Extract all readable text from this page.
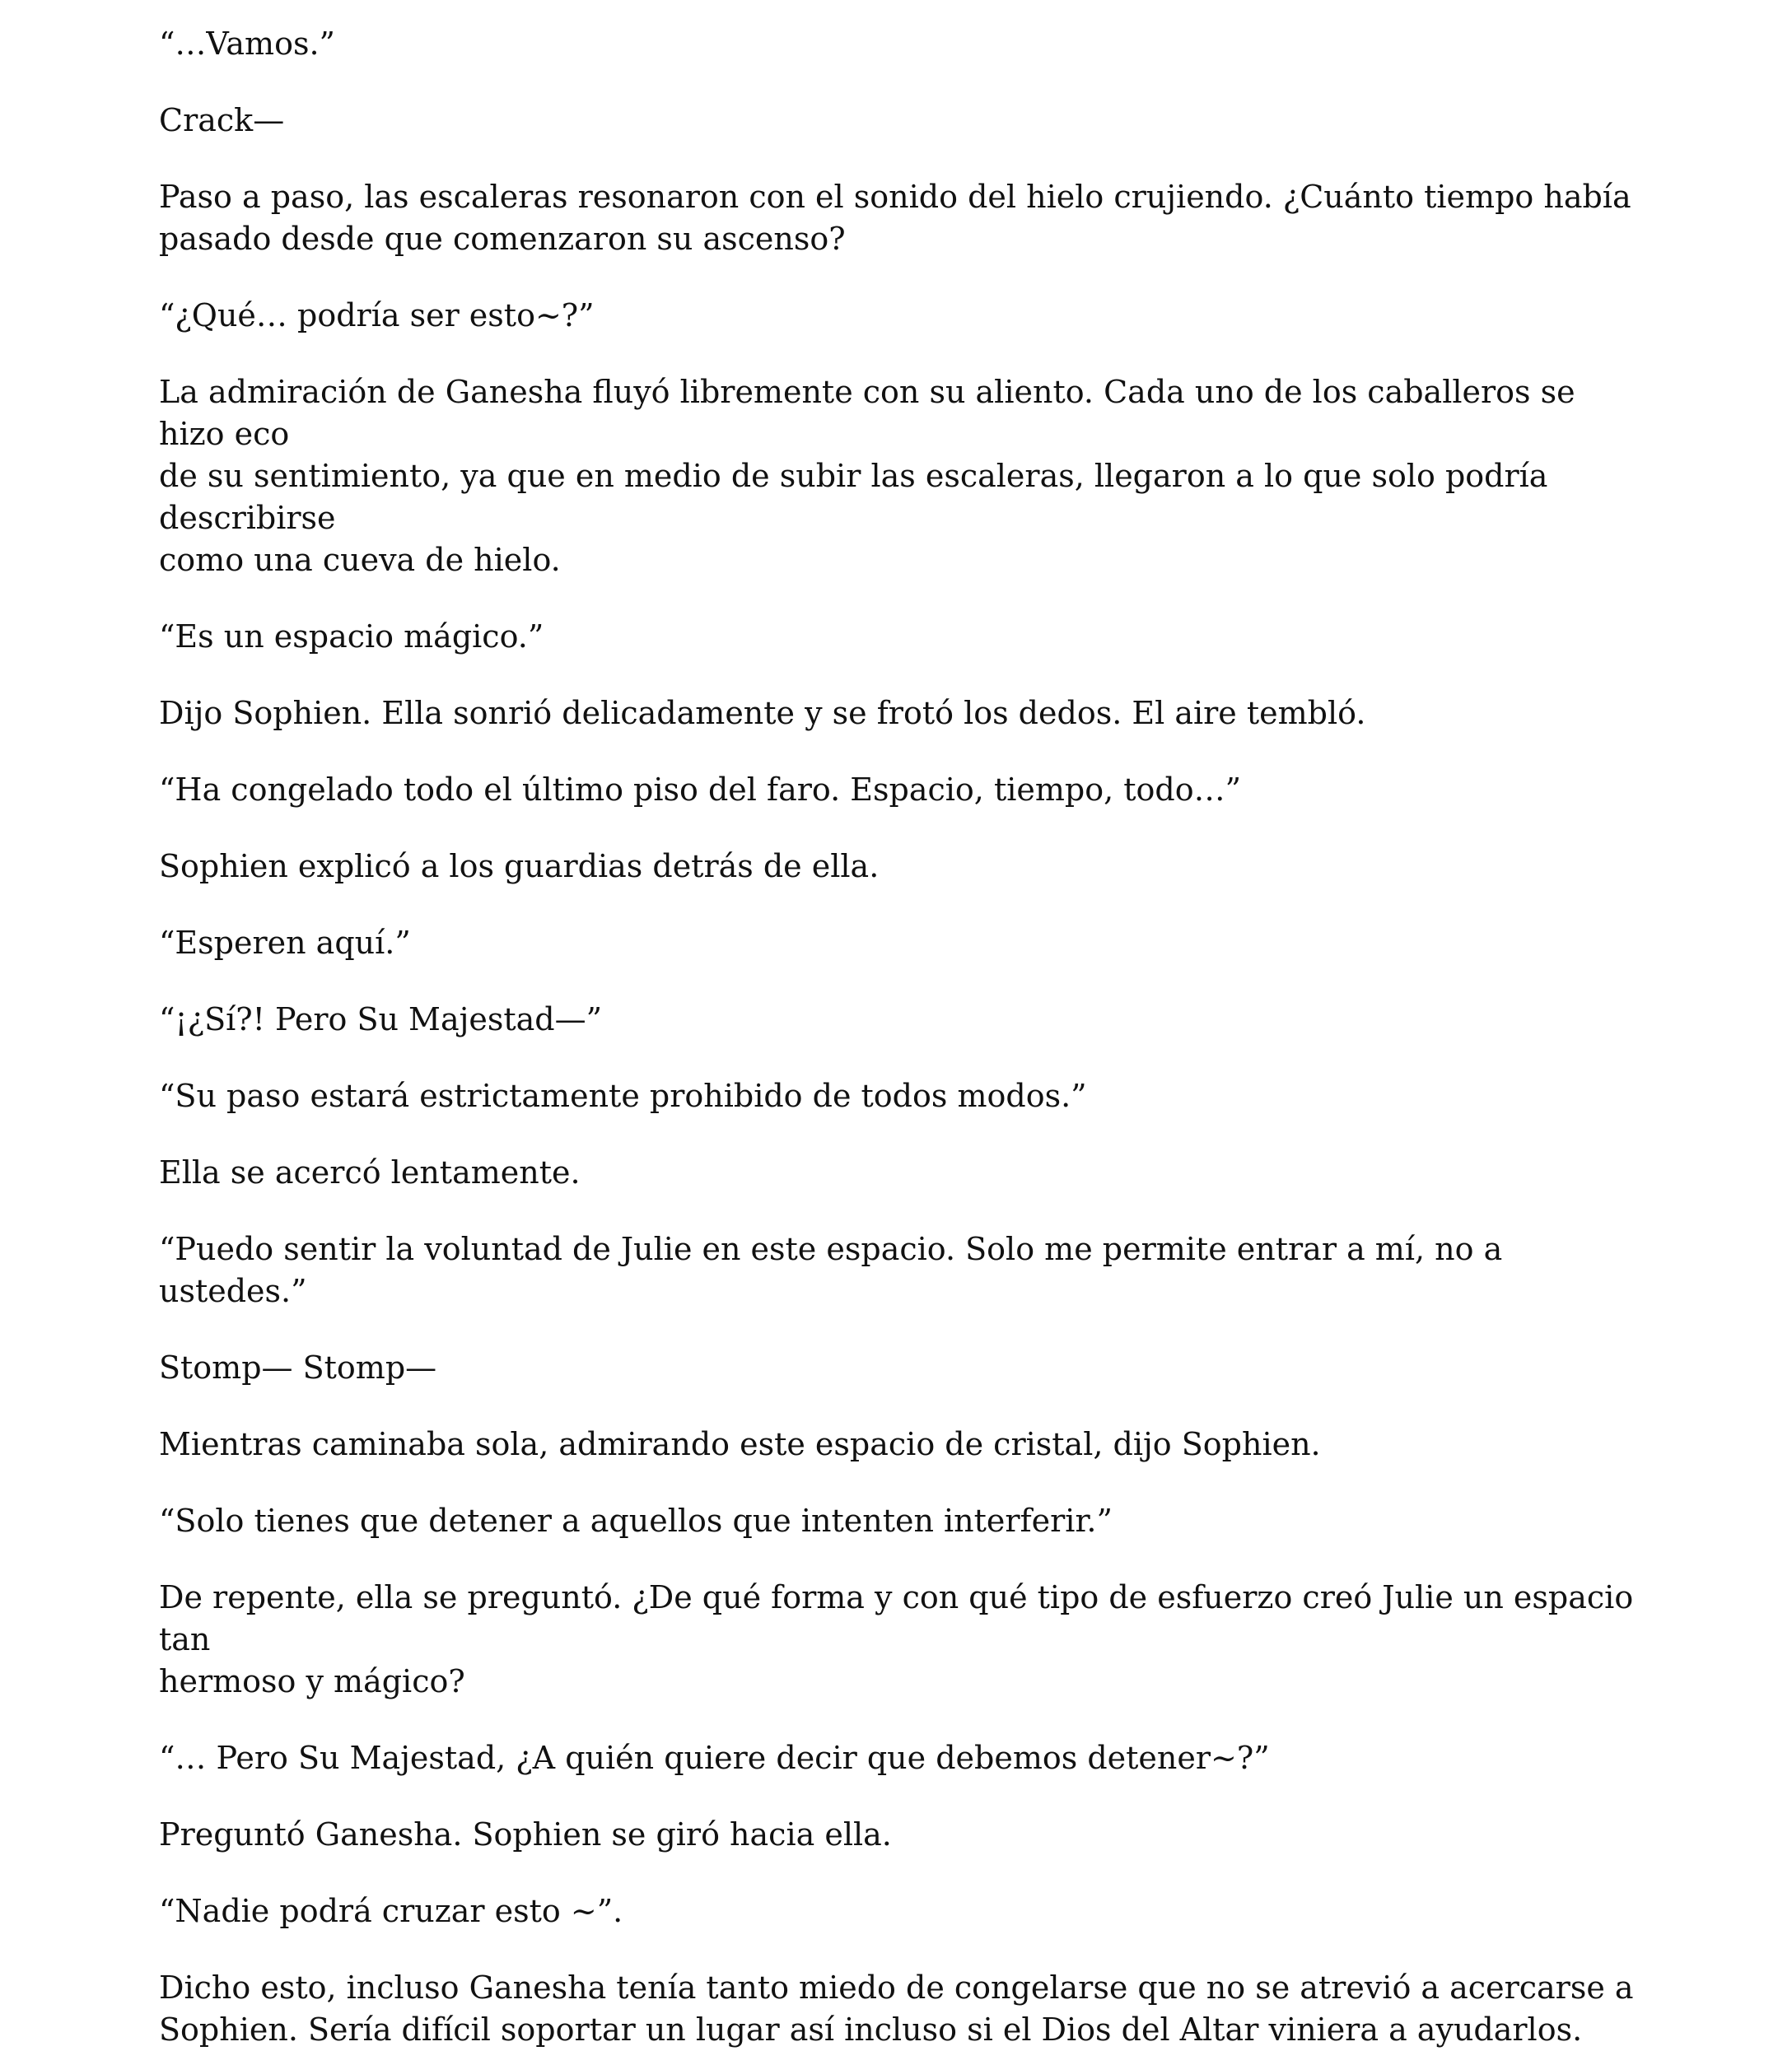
“…Vamos.”

Crack—

Paso a paso, las escaleras resonaron con el sonido del hielo crujiendo. ¿Cuánto tiempo había
pasado desde que comenzaron su ascenso?

“¿Qué… podría ser esto~?”

La admiración de Ganesha fluyó libremente con su aliento. Cada uno de los caballeros se hizo eco
de su sentimiento, ya que en medio de subir las escaleras, llegaron a lo que solo podría describirse
como una cueva de hielo.

“Es un espacio mágico.”

Dijo Sophien. Ella sonrió delicadamente y se frotó los dedos. El aire tembló.

“Ha congelado todo el último piso del faro. Espacio, tiempo, todo…”

Sophien explicó a los guardias detrás de ella.

“Esperen aquí.”

“¡¿Sí?! Pero Su Majestad—”

“Su paso estará estrictamente prohibido de todos modos.”

Ella se acercó lentamente.

“Puedo sentir la voluntad de Julie en este espacio. Solo me permite entrar a mí, no a ustedes.”

Stomp— Stomp—

Mientras caminaba sola, admirando este espacio de cristal, dijo Sophien.

“Solo tienes que detener a aquellos que intenten interferir.”

De repente, ella se preguntó. ¿De qué forma y con qué tipo de esfuerzo creó Julie un espacio tan
hermoso y mágico?

“… Pero Su Majestad, ¿A quién quiere decir que debemos detener~?”

Preguntó Ganesha. Sophien se giró hacia ella.

“Nadie podrá cruzar esto ~”.

Dicho esto, incluso Ganesha tenía tanto miedo de congelarse que no se atrevió a acercarse a
Sophien. Sería difícil soportar un lugar así incluso si el Dios del Altar viniera a ayudarlos.
